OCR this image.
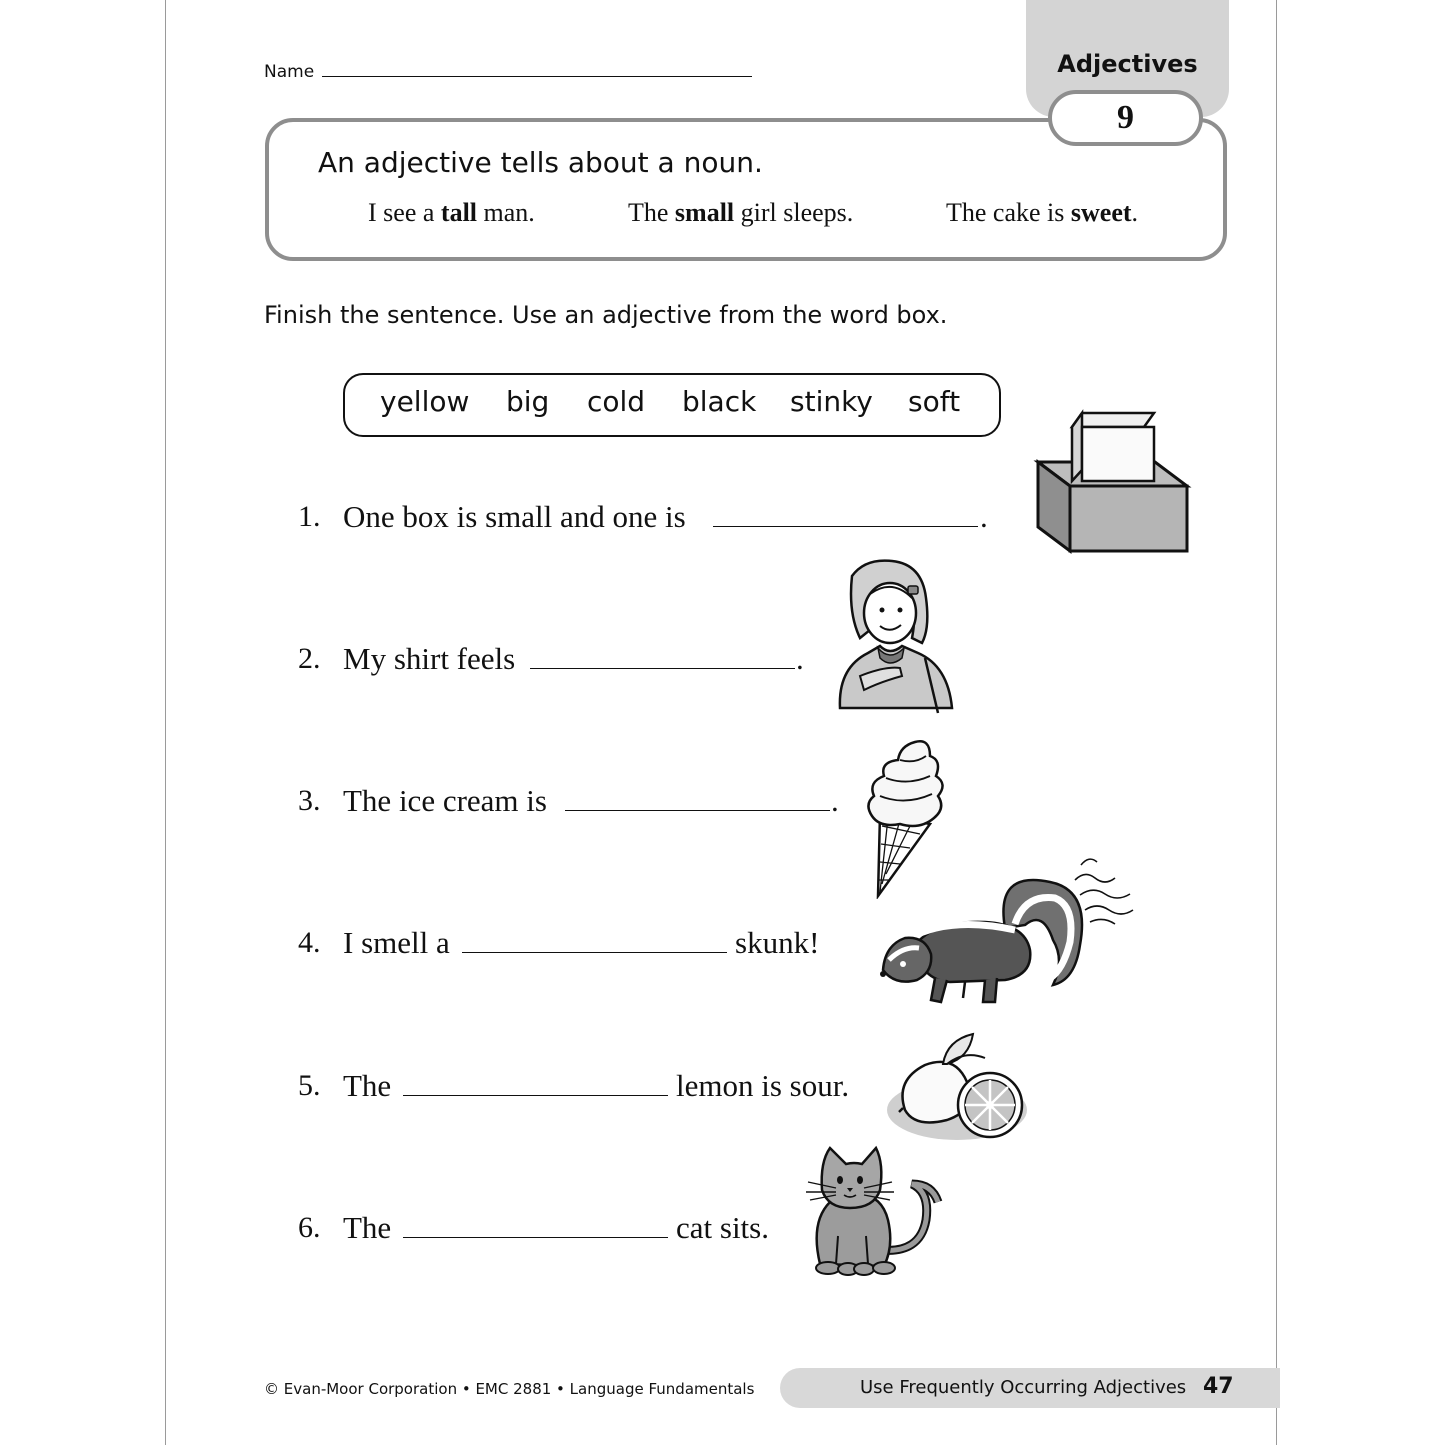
Name	Adjectives
9
An adjective tells about a noun.
I see a tall man.	The small girl sleeps.	The cake is sweet.
Finish the sentence. Use an adjective from the word box.
yellow big cold black stinky soft
1. One box is small and one is	.
2. My shirt feels	.
3. The ice cream is	.
4. I smell a	skunk!
5. The	lemon is sour.
6. The	cat sits.
© Evan-Moor Corporation • EMC 2881 • Language Fundamentals	Use Frequently Occurring Adjectives 47
